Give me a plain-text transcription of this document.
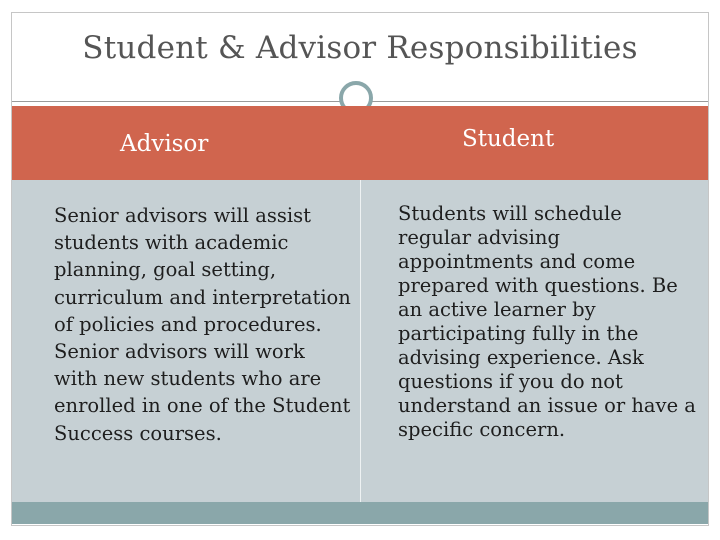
Student & Advisor Responsibilities
Advisor	Student
Senior advisors will assist students with academic planning, goal setting, curriculum and interpretation of policies and procedures. Senior advisors will work with new students who are enrolled in one of the Student Success courses.
Students will schedule regular advising appointments and come prepared with questions. Be an active learner by participating fully in the advising experience. Ask questions if you do not understand an issue or have a specific concern.
